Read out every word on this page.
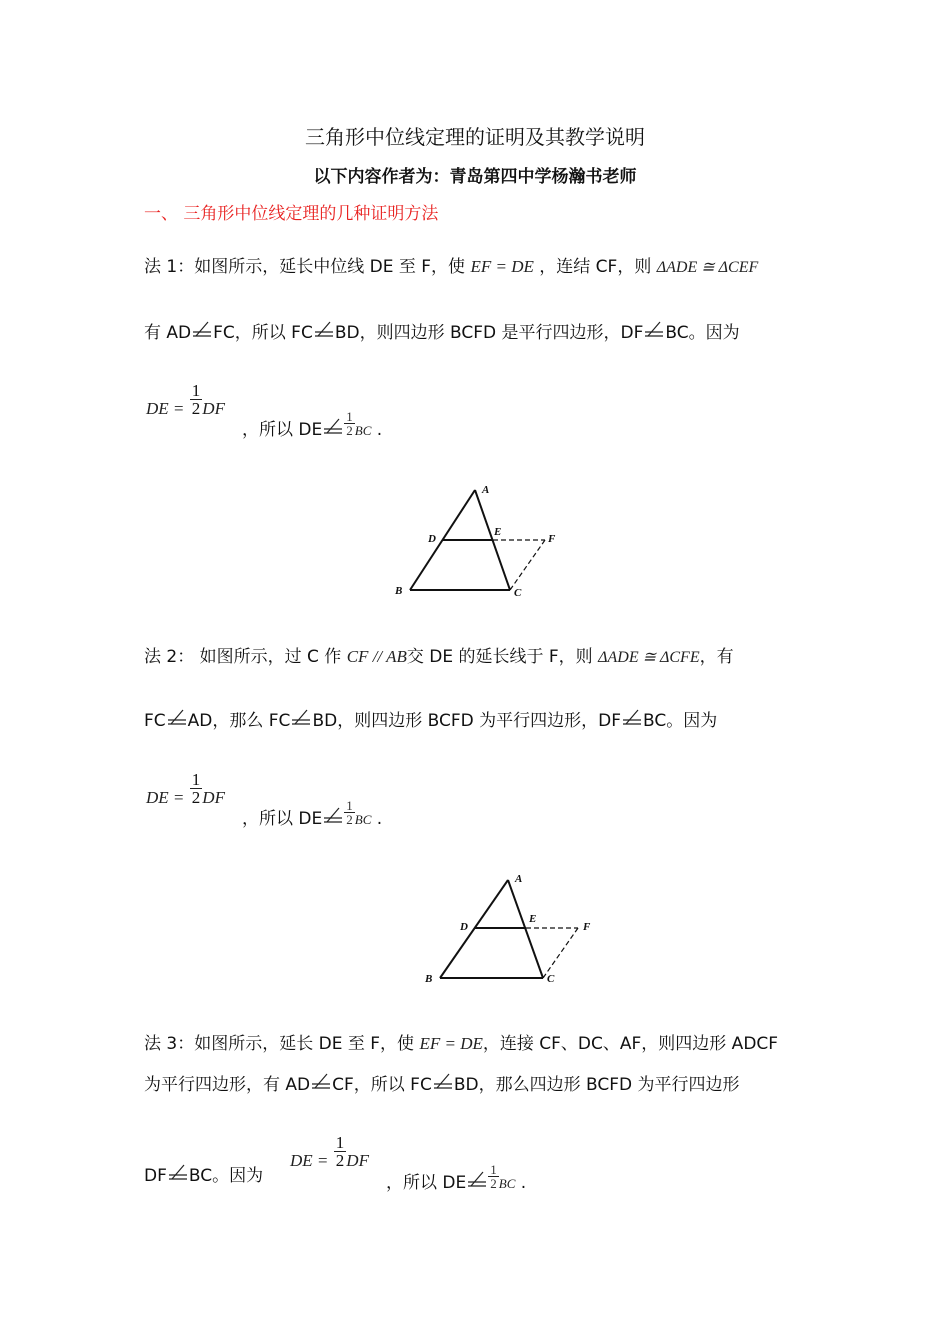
三角形中位线定理的证明及其教学说明
以下内容作者为：青岛第四中学杨瀚书老师
一、 三角形中位线定理的几种证明方法
法 1：如图所示，延长中位线 DE 至 F，使 EF = DE ，连结 CF，则 ΔADE ≅ ΔCEF
有 AD FC，所以 FC BD，则四边形 BCFD 是平行四边形，DF BC。因为
DE = $\frac{1}{2}$ DF
，所以 DE $\frac{1}{2}$ BC .
A
D
E
F
B	C
法 2： 如图所示，过 C 作 CF // AB交 DE 的延长线于 F，则 ΔADE ≅ ΔCFE，有
FC AD，那么 FC BD，则四边形 BCFD 为平行四边形，DF BC。因为
DE = $\frac{1}{2}$ DF
，所以 DE $\frac{1}{2}$ BC .
A
D
E
F
B	C
法 3：如图所示，延长 DE 至 F，使 EF = DE，连接 CF、DC、AF，则四边形 ADCF
为平行四边形，有 AD CF，所以 FC BD，那么四边形 BCFD 为平行四边形
DF BC。因为
DE = $\frac{1}{2}$ DF
，所以 DE $\frac{1}{2}$ BC .
